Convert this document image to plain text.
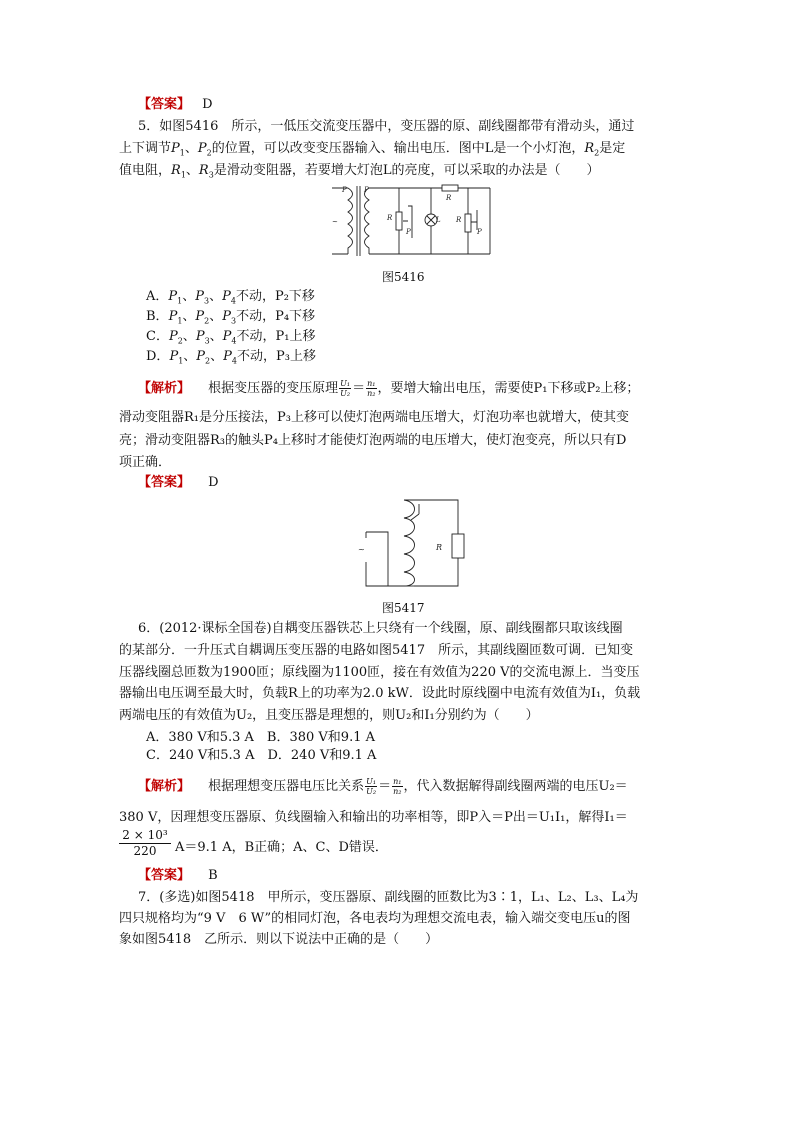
【答案】 D
5．如图5416　所示，一低压交流变压器中，变压器的原、副线圈都带有滑动头，通过
上下调节$P_1$、$P_2$的位置，可以改变变压器输入、输出电压．图中L是一个小灯泡，$R_2$是定
值电阻，$R_1$、$R_3$是滑动变阻器，若要增大灯泡L的亮度，可以采取的办法是（　　）
P P
~	R
P
L
R
R
P
图5416
A．$P_1$、$P_3$、$P_4$不动，P₂下移
B．$P_1$、$P_2$、$P_3$不动，P₄下移
C．$P_2$、$P_3$、$P_4$不动，P₁上移
D．$P_1$、$P_2$、$P_4$不动，P₃上移
【解析】 根据变压器的变压原理 $\frac{\text{U₁}}{\text{U₂}} = \frac{\text{n₁}}{\text{n₂}}$ ，要增大输出电压，需要使P₁下移或P₂上移；
滑动变阻器R₁是分压接法，P₃上移可以使灯泡两端电压增大，灯泡功率也就增大，使其变
亮；滑动变阻器R₃的触头P₄上移时才能使灯泡两端的电压增大，使灯泡变亮，所以只有D
项正确．
【答案】 D
~	R
图5417
6．(2012·课标全国卷)自耦变压器铁芯上只绕有一个线圈，原、副线圈都只取该线圈
的某部分．一升压式自耦调压变压器的电路如图5417　所示，其副线圈匝数可调．已知变
压器线圈总匝数为1900匝；原线圈为1100匝，接在有效值为220 V的交流电源上．当变压
器输出电压调至最大时，负载R上的功率为2.0 kW．设此时原线圈中电流有效值为I₁，负载
两端电压的有效值为U₂，且变压器是理想的，则U₂和I₁分别约为（　　）
A．380 V和5.3 A　B．380 V和9.1 A
C．240 V和5.3 A　D．240 V和9.1 A
【解析】 根据理想变压器电压比关系 $\frac{\text{U₁}}{\text{U₂}} = \frac{\text{n₁}}{\text{n₂}}$ ，代入数据解得副线圈两端的电压U₂＝
380 V，因理想变压器原、负线圈输入和输出的功率相等，即P入＝P出＝U₁I₁，解得I₁＝
2 × 10³
220	A＝9.1 A，B正确；A、C、D错误．
【答案】 B
7．(多选)如图5418　甲所示，变压器原、副线圈的匝数比为3∶1，L₁、L₂、L₃、L₄为
四只规格均为“9 V　6 W”的相同灯泡，各电表均为理想交流电表，输入端交变电压u的图
象如图5418　乙所示．则以下说法中正确的是（　　）
